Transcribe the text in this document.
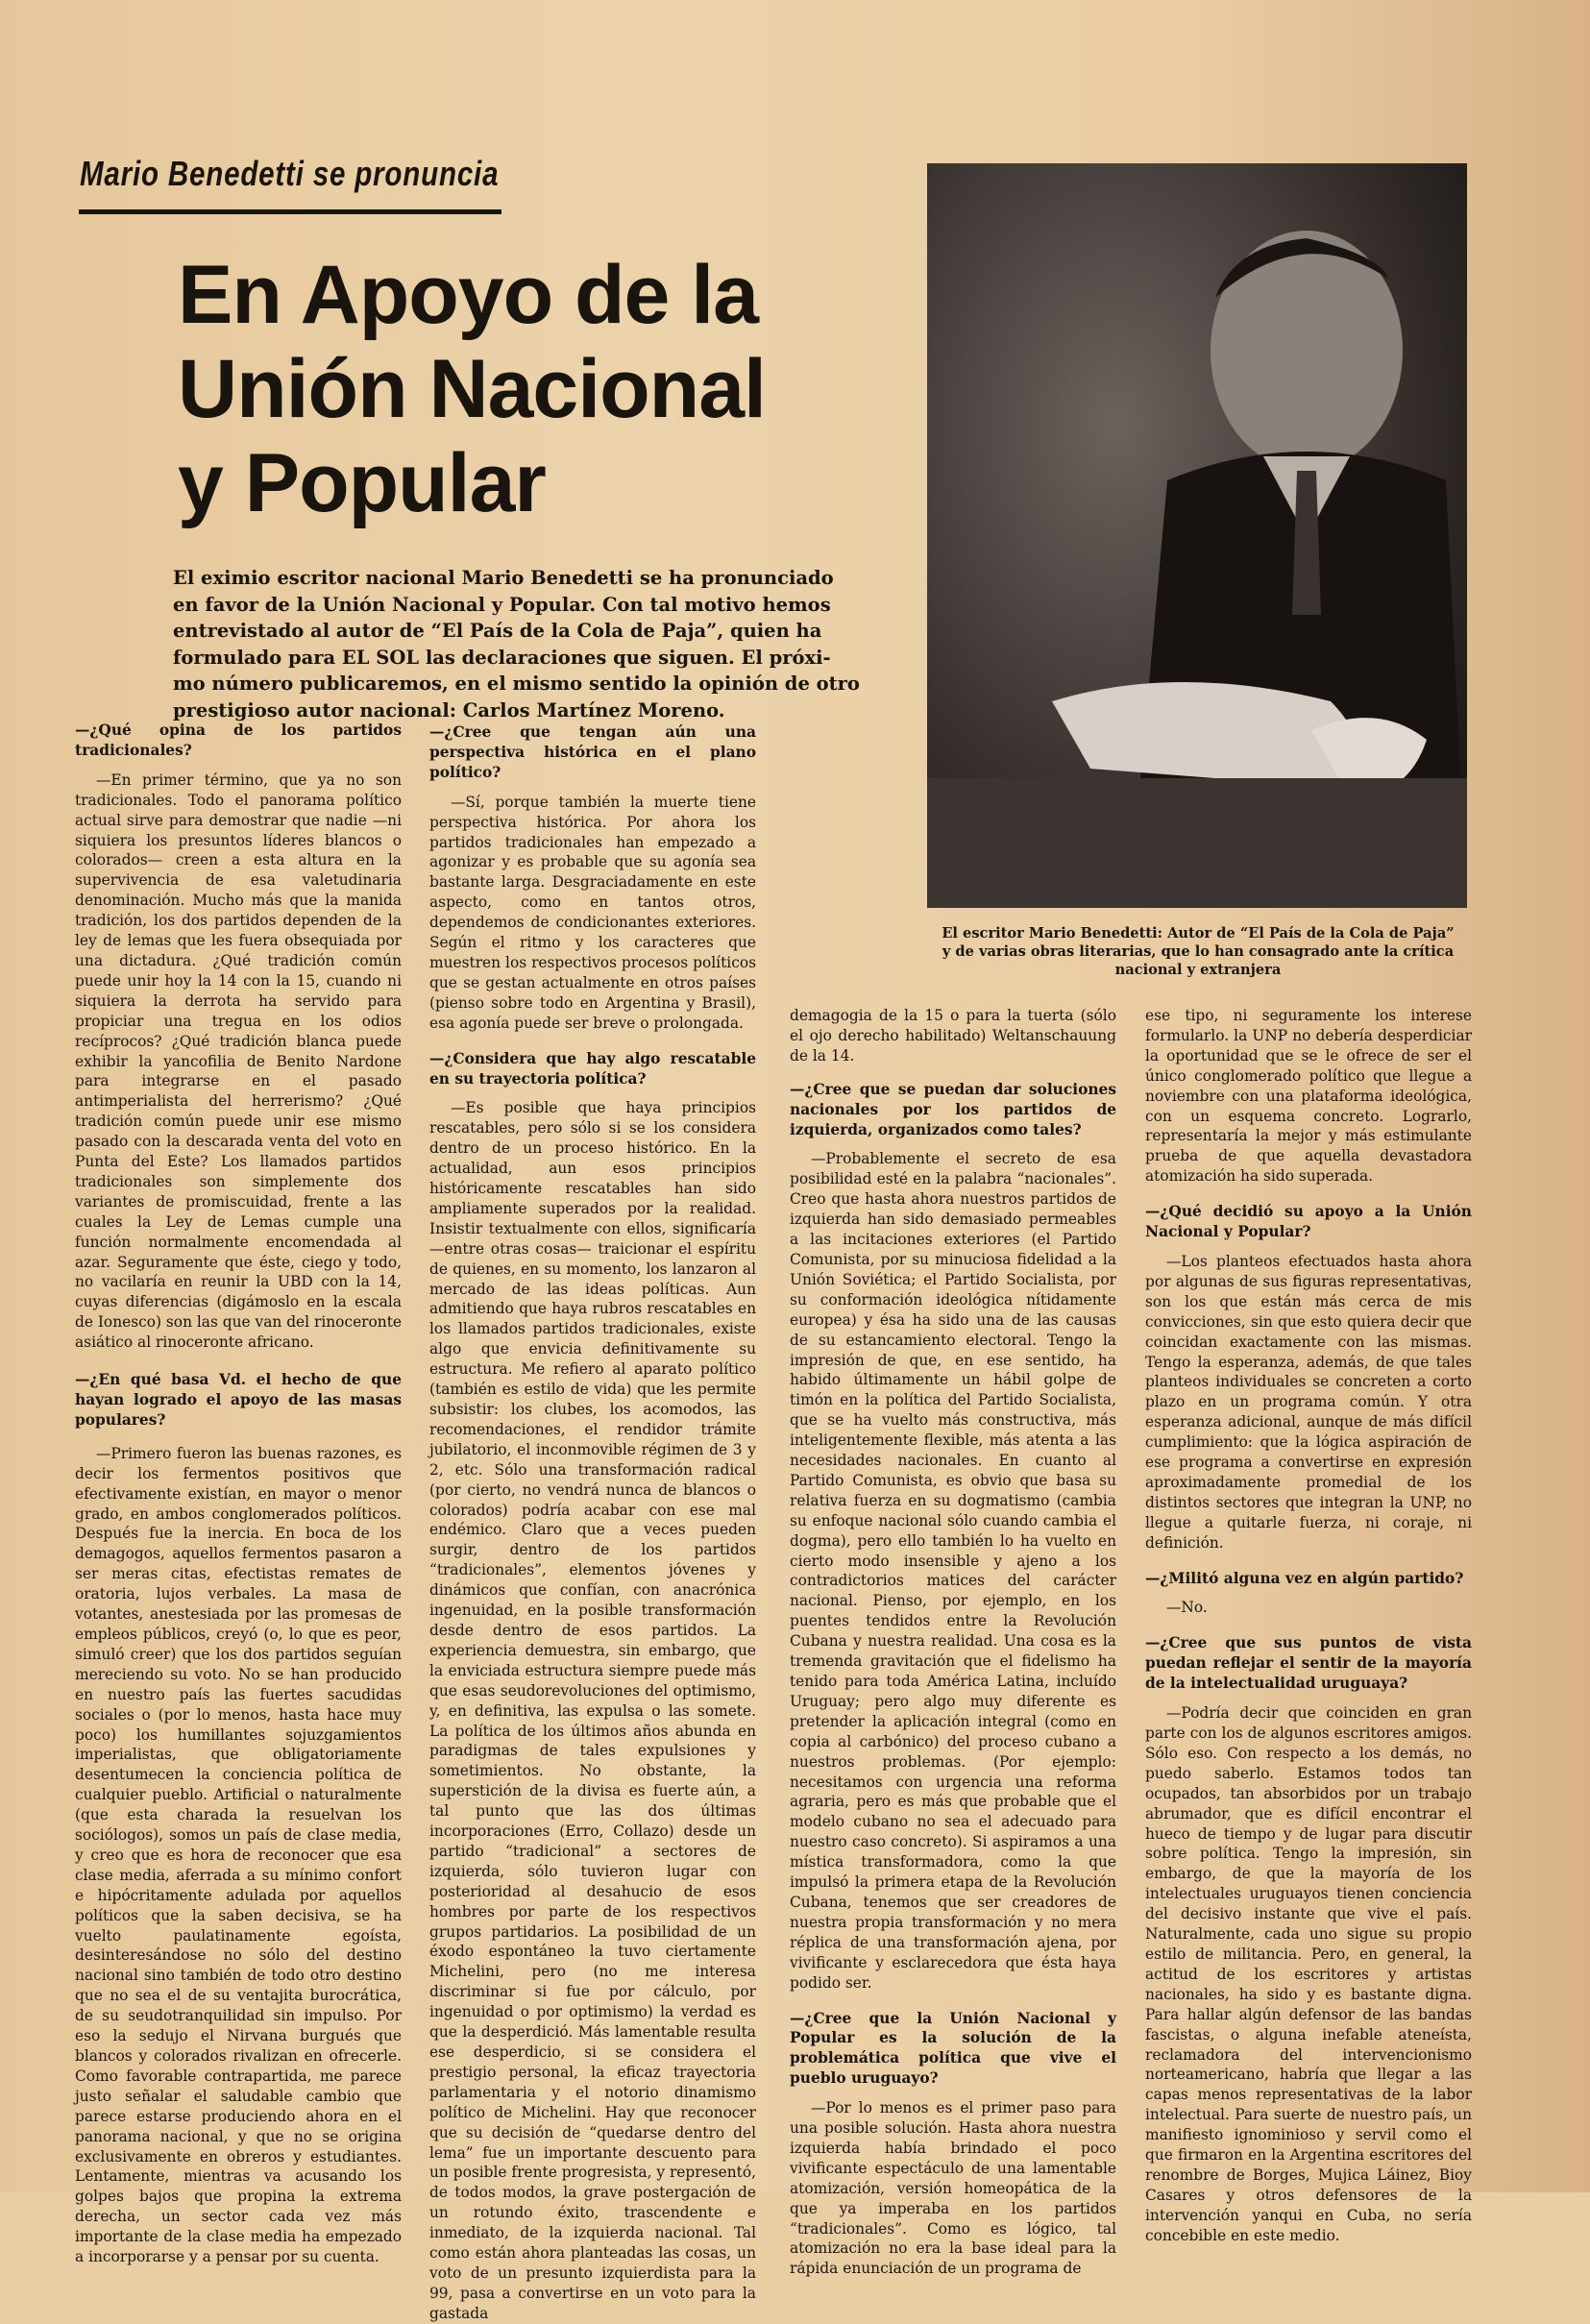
Mario Benedetti se pronuncia
En Apoyo de la
Unión Nacional
y Popular
El eximio escritor nacional Mario Benedetti se ha pronunciado
en favor de la Unión Nacional y Popular. Con tal motivo hemos
entrevistado al autor de “El País de la Cola de Paja”, quien ha
formulado para EL SOL las declaraciones que siguen. El próxi-
mo número publicaremos, en el mismo sentido la opinión de otro
prestigioso autor nacional: Carlos Martínez Moreno.
El escritor Mario Benedetti: Autor de “El País de la Cola de Paja”
y de varias obras literarias, que lo han consagrado ante la crítica
nacional y extranjera

—¿Qué opina de los partidos tradicionales?

—En primer término, que ya no son tradicionales. Todo el panorama político actual sirve para demostrar que nadie —ni siquiera los presuntos líderes blancos o colorados— creen a esta altura en la supervivencia de esa valetudinaria denominación. Mucho más que la manida tradición, los dos partidos dependen de la ley de lemas que les fuera obsequiada por una dictadura. ¿Qué tradición común puede unir hoy la 14 con la 15, cuando ni siquiera la derrota ha servido para propiciar una tregua en los odios recíprocos? ¿Qué tradición blanca puede exhibir la yancofilia de Benito Nardone para integrarse en el pasado antimperialista del herrerismo? ¿Qué tradición común puede unir ese mismo pasado con la descarada venta del voto en Punta del Este? Los llamados partidos tradicionales son simplemente dos variantes de promiscuidad, frente a las cuales la Ley de Lemas cumple una función normalmente encomendada al azar. Seguramente que éste, ciego y todo, no vacilaría en reunir la UBD con la 14, cuyas diferencias (digámoslo en la escala de Ionesco) son las que van del rinoceronte asiático al rinoceronte africano.

—¿En qué basa Vd. el hecho de que hayan logrado el apoyo de las masas populares?

—Primero fueron las buenas razones, es decir los fermentos positivos que efectivamente existían, en mayor o menor grado, en ambos conglomerados políticos. Después fue la inercia. En boca de los demagogos, aquellos fermentos pasaron a ser meras citas, efectistas remates de oratoria, lujos verbales. La masa de votantes, anestesiada por las promesas de empleos públicos, creyó (o, lo que es peor, simuló creer) que los dos partidos seguían mereciendo su voto. No se han producido en nuestro país las fuertes sacudidas sociales o (por lo menos, hasta hace muy poco) los humillantes sojuzgamientos imperialistas, que obligatoriamente desentumecen la conciencia política de cualquier pueblo. Artificial o naturalmente (que esta charada la resuelvan los sociólogos), somos un país de clase media, y creo que es hora de reconocer que esa clase media, aferrada a su mínimo confort e hipócritamente adulada por aquellos políticos que la saben decisiva, se ha vuelto paulatinamente egoísta, desinteresándose no sólo del destino nacional sino también de todo otro destino que no sea el de su ventajita burocrática, de su seudotranquilidad sin impulso. Por eso la sedujo el Nirvana burgués que blancos y colorados rivalizan en ofrecerle. Como favorable contrapartida, me parece justo señalar el saludable cambio que parece estarse produciendo ahora en el panorama nacional, y que no se origina exclusivamente en obreros y estudiantes. Lentamente, mientras va acusando los golpes bajos que propina la extrema derecha, un sector cada vez más importante de la clase media ha empezado a incorporarse y a pensar por su cuenta.

—¿Cree que tengan aún una perspectiva histórica en el plano político?

—Sí, porque también la muerte tiene perspectiva histórica. Por ahora los partidos tradicionales han empezado a agonizar y es probable que su agonía sea bastante larga. Desgraciadamente en este aspecto, como en tantos otros, dependemos de condicionantes exteriores. Según el ritmo y los caracteres que muestren los respectivos procesos políticos que se gestan actualmente en otros países (pienso sobre todo en Argentina y Brasil), esa agonía puede ser breve o prolongada.

—¿Considera que hay algo rescatable en su trayectoria política?

—Es posible que haya principios rescatables, pero sólo si se los considera dentro de un proceso histórico. En la actualidad, aun esos principios históricamente rescatables han sido ampliamente superados por la realidad. Insistir textualmente con ellos, significaría —entre otras cosas— traicionar el espíritu de quienes, en su momento, los lanzaron al mercado de las ideas políticas. Aun admitiendo que haya rubros rescatables en los llamados partidos tradicionales, existe algo que envicia definitivamente su estructura. Me refiero al aparato político (también es estilo de vida) que les permite subsistir: los clubes, los acomodos, las recomendaciones, el rendidor trámite jubilatorio, el inconmovible régimen de 3 y 2, etc. Sólo una transformación radical (por cierto, no vendrá nunca de blancos o colorados) podría acabar con ese mal endémico. Claro que a veces pueden surgir, dentro de los partidos “tradicionales”, elementos jóvenes y dinámicos que confían, con anacrónica ingenuidad, en la posible transformación desde dentro de esos partidos. La experiencia demuestra, sin embargo, que la enviciada estructura siempre puede más que esas seudorevoluciones del optimismo, y, en definitiva, las expulsa o las somete. La política de los últimos años abunda en paradigmas de tales expulsiones y sometimientos. No obstante, la superstición de la divisa es fuerte aún, a tal punto que las dos últimas incorporaciones (Erro, Collazo) desde un partido “tradicional” a sectores de izquierda, sólo tuvieron lugar con posterioridad al desahucio de esos hombres por parte de los respectivos grupos partidarios. La posibilidad de un éxodo espontáneo la tuvo ciertamente Michelini, pero (no me interesa discriminar si fue por cálculo, por ingenuidad o por optimismo) la verdad es que la desperdició. Más lamentable resulta ese desperdicio, si se considera el prestigio personal, la eficaz trayectoria parlamentaria y el notorio dinamismo político de Michelini. Hay que reconocer que su decisión de “quedarse dentro del lema” fue un importante descuento para un posible frente progresista, y representó, de todos modos, la grave postergación de un rotundo éxito, trascendente e inmediato, de la izquierda nacional. Tal como están ahora planteadas las cosas, un voto de un presunto izquierdista para la 99, pasa a convertirse en un voto para la gastada

demagogia de la 15 o para la tuerta (sólo el ojo derecho habilitado) Weltanschauung de la 14.

—¿Cree que se puedan dar soluciones nacionales por los partidos de izquierda, organizados como tales?

—Probablemente el secreto de esa posibilidad esté en la palabra “nacionales”. Creo que hasta ahora nuestros partidos de izquierda han sido demasiado permeables a las incitaciones exteriores (el Partido Comunista, por su minuciosa fidelidad a la Unión Soviética; el Partido Socialista, por su conformación ideológica nítidamente europea) y ésa ha sido una de las causas de su estancamiento electoral. Tengo la impresión de que, en ese sentido, ha habido últimamente un hábil golpe de timón en la política del Partido Socialista, que se ha vuelto más constructiva, más inteligentemente flexible, más atenta a las necesidades nacionales. En cuanto al Partido Comunista, es obvio que basa su relativa fuerza en su dogmatismo (cambia su enfoque nacional sólo cuando cambia el dogma), pero ello también lo ha vuelto en cierto modo insensible y ajeno a los contradictorios matices del carácter nacional. Pienso, por ejemplo, en los puentes tendidos entre la Revolución Cubana y nuestra realidad. Una cosa es la tremenda gravitación que el fidelismo ha tenido para toda América Latina, incluído Uruguay; pero algo muy diferente es pretender la aplicación integral (como en copia al carbónico) del proceso cubano a nuestros problemas. (Por ejemplo: necesitamos con urgencia una reforma agraria, pero es más que probable que el modelo cubano no sea el adecuado para nuestro caso concreto). Si aspiramos a una mística transformadora, como la que impulsó la primera etapa de la Revolución Cubana, tenemos que ser creadores de nuestra propia transformación y no mera réplica de una transformación ajena, por vivificante y esclarecedora que ésta haya podido ser.

—¿Cree que la Unión Nacional y Popular es la solución de la problemática política que vive el pueblo uruguayo?

—Por lo menos es el primer paso para una posible solución. Hasta ahora nuestra izquierda había brindado el poco vivificante espectáculo de una lamentable atomización, versión homeopática de la que ya imperaba en los partidos “tradicionales”. Como es lógico, tal atomización no era la base ideal para la rápida enunciación de un programa de

ese tipo, ni seguramente los interese formularlo. la UNP no debería desperdiciar la oportunidad que se le ofrece de ser el único conglomerado político que llegue a noviembre con una plataforma ideológica, con un esquema concreto. Lograrlo, representaría la mejor y más estimulante prueba de que aquella devastadora atomización ha sido superada.

—¿Qué decidió su apoyo a la Unión Nacional y Popular?

—Los planteos efectuados hasta ahora por algunas de sus figuras representativas, son los que están más cerca de mis convicciones, sin que esto quiera decir que coincidan exactamente con las mismas. Tengo la esperanza, además, de que tales planteos individuales se concreten a corto plazo en un programa común. Y otra esperanza adicional, aunque de más difícil cumplimiento: que la lógica aspiración de ese programa a convertirse en expresión aproximadamente promedial de los distintos sectores que integran la UNP, no llegue a quitarle fuerza, ni coraje, ni definición.

—¿Militó alguna vez en algún partido?

—No.

—¿Cree que sus puntos de vista puedan reflejar el sentir de la mayoría de la intelectualidad uruguaya?

—Podría decir que coinciden en gran parte con los de algunos escritores amigos. Sólo eso. Con respecto a los demás, no puedo saberlo. Estamos todos tan ocupados, tan absorbidos por un trabajo abrumador, que es difícil encontrar el hueco de tiempo y de lugar para discutir sobre política. Tengo la impresión, sin embargo, de que la mayoría de los intelectuales uruguayos tienen conciencia del decisivo instante que vive el país. Naturalmente, cada uno sigue su propio estilo de militancia. Pero, en general, la actitud de los escritores y artistas nacionales, ha sido y es bastante digna. Para hallar algún defensor de las bandas fascistas, o alguna inefable ateneísta, reclamadora del intervencionismo norteamericano, habría que llegar a las capas menos representativas de la labor intelectual. Para suerte de nuestro país, un manifiesto ignominioso y servil como el que firmaron en la Argentina escritores del renombre de Borges, Mujica Láinez, Bioy Casares y otros defensores de la intervención yanqui en Cuba, no sería concebible en este medio.
